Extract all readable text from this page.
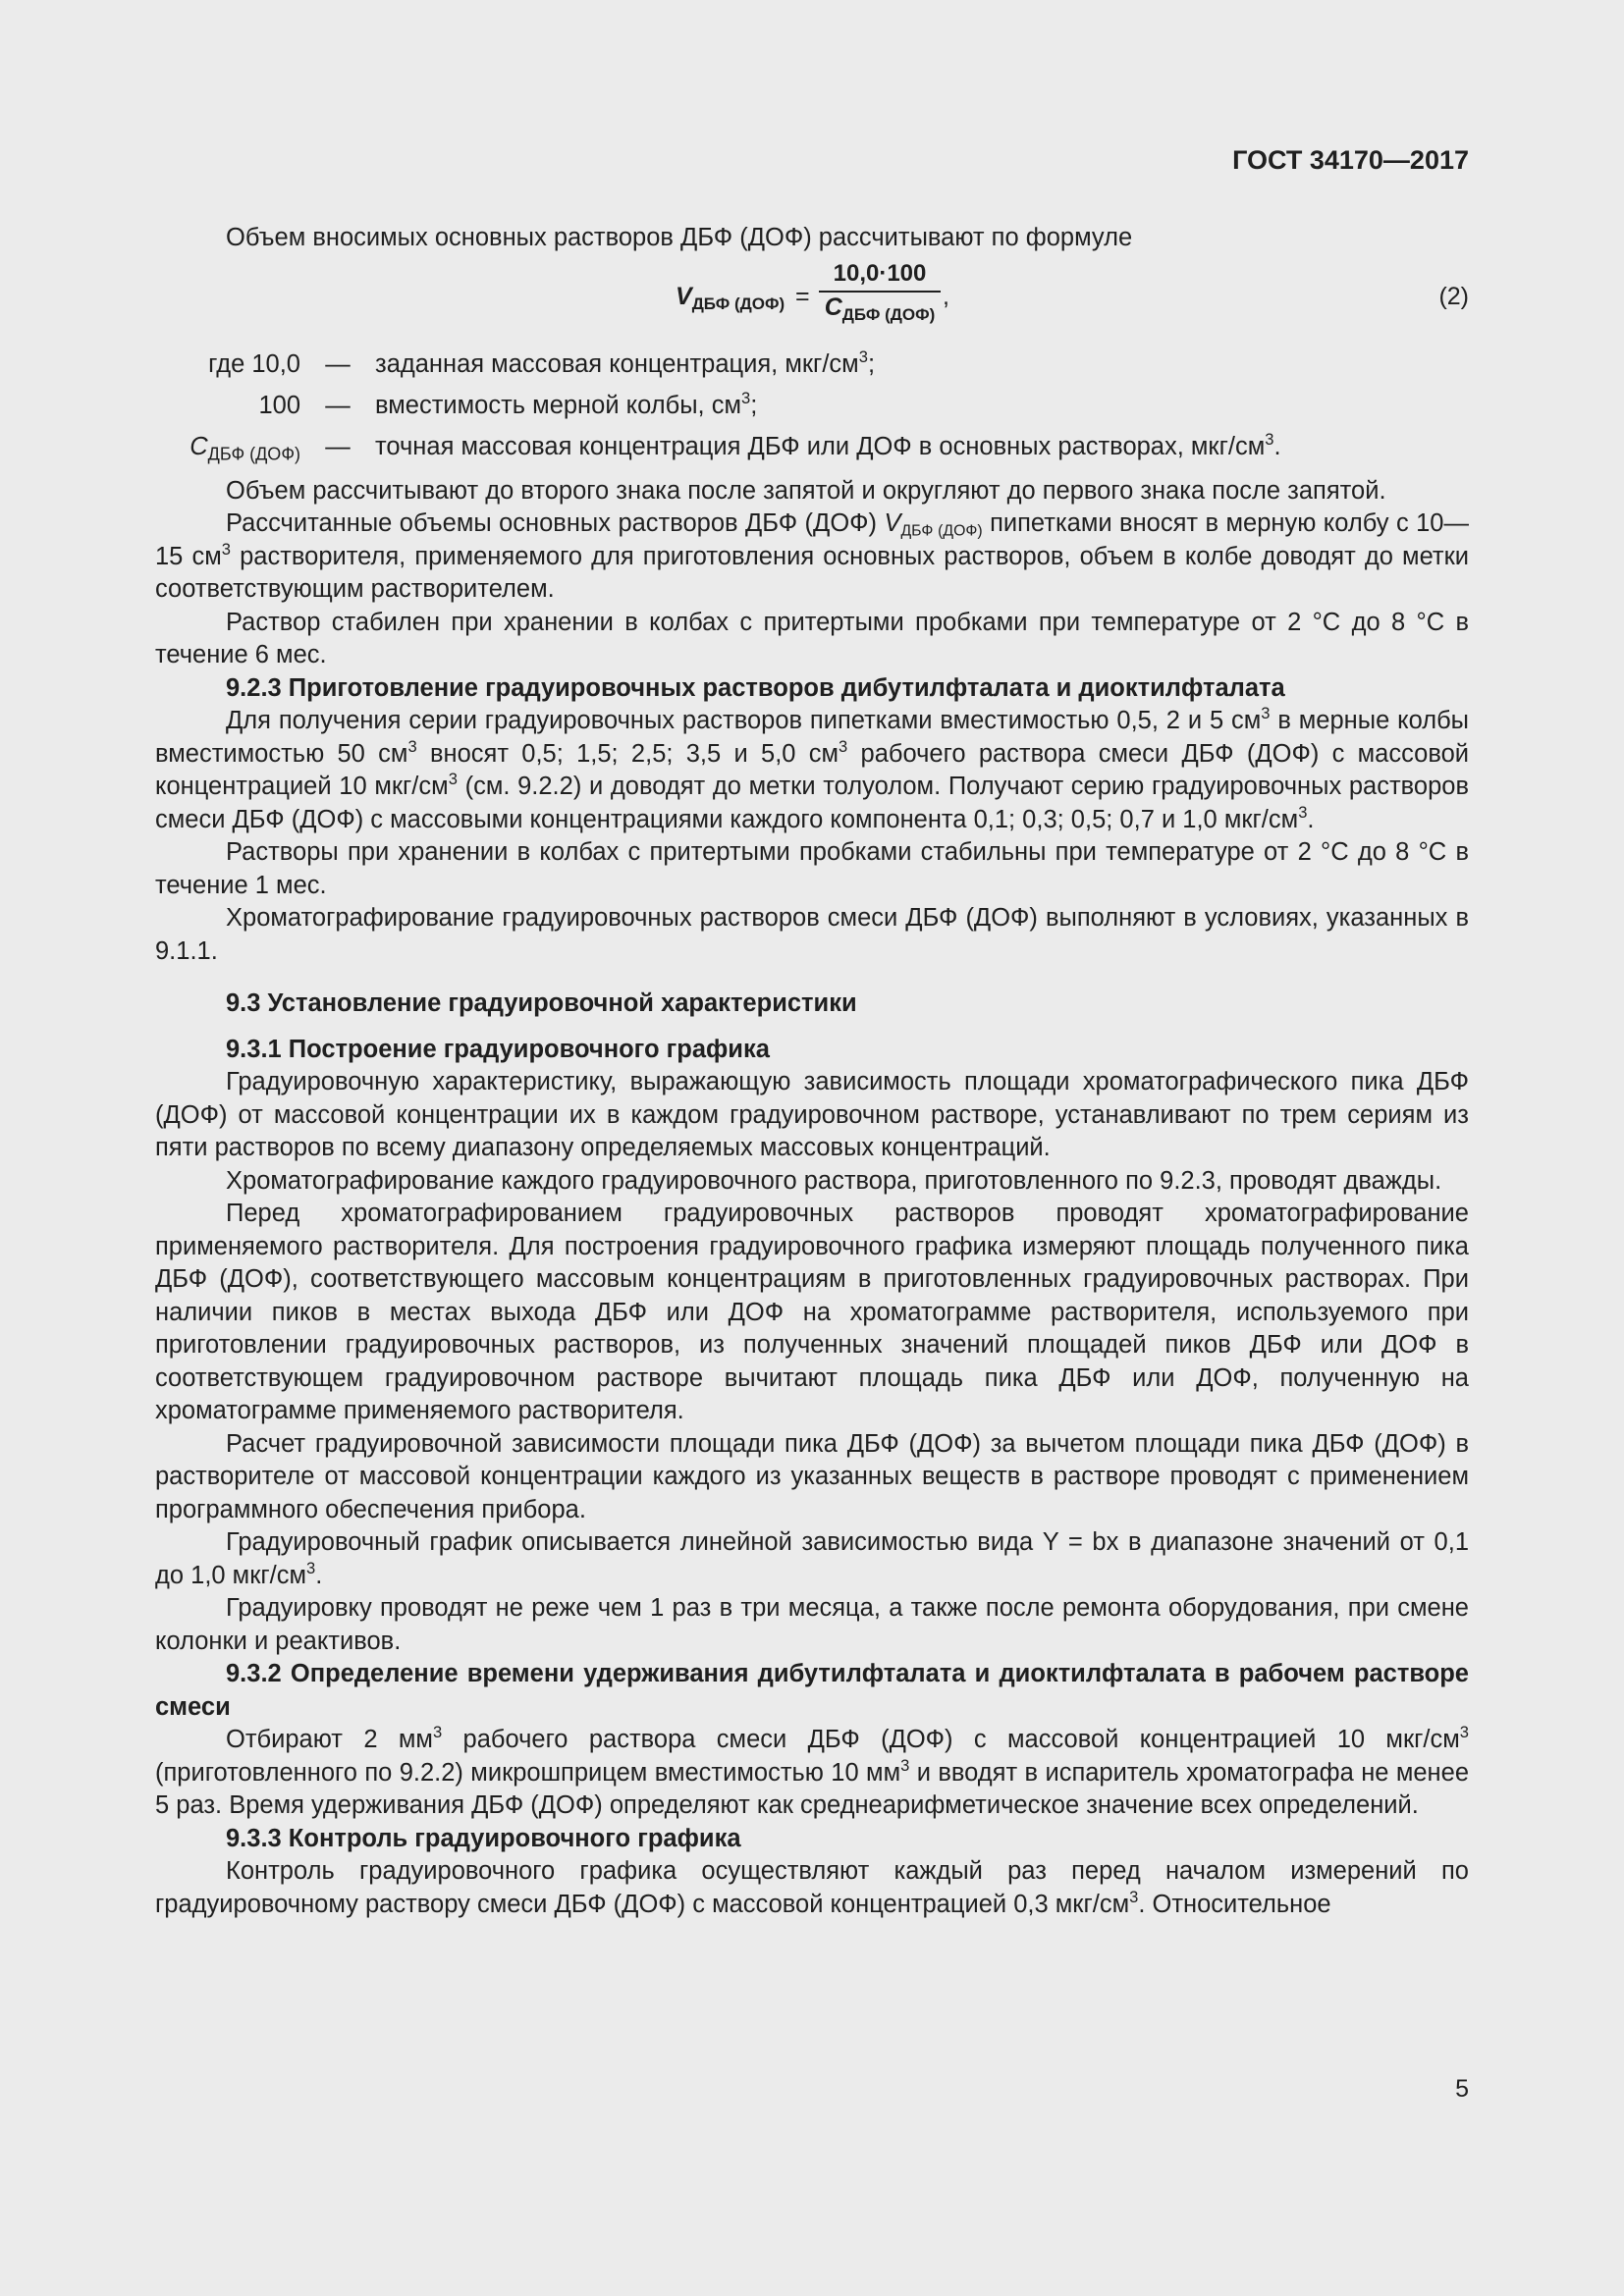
ГОСТ 34170—2017

Объем вносимых основных растворов ДБФ (ДОФ) рассчитывают по формуле

$V_{ДБФ (ДОФ)}$ =
10,0·100
$C_{ДБФ (ДОФ)}$
,	(2)
где 10,0 — заданная массовая концентрация, мкг/$см^3$;
100 — вместимость мерной колбы, $см^3$;
$C_{ДБФ (ДОФ)}$ — точная массовая концентрация ДБФ или ДОФ в основных растворах, мкг/$см^3$.

Объем рассчитывают до второго знака после запятой и округляют до первого знака после запятой.

Рассчитанные объемы основных растворов ДБФ (ДОФ) $V_{ДБФ (ДОФ)}$ пипетками вносят в мерную колбу с 10—15 $см^3$ растворителя, применяемого для приготовления основных растворов, объем в колбе доводят до метки соответствующим растворителем.

Раствор стабилен при хранении в колбах с притертыми пробками при температуре от 2 °С до 8 °С в течение 6 мес.

9.2.3 Приготовление градуировочных растворов дибутилфталата и диоктилфталата

Для получения серии градуировочных растворов пипетками вместимостью 0,5, 2 и 5 $см^3$ в мерные колбы вместимостью 50 $см^3$ вносят 0,5; 1,5; 2,5; 3,5 и 5,0 $см^3$ рабочего раствора смеси ДБФ (ДОФ) с массовой концентрацией 10 мкг/$см^3$ (см. 9.2.2) и доводят до метки толуолом. Получают серию градуировочных растворов смеси ДБФ (ДОФ) с массовыми концентрациями каждого компонента 0,1; 0,3; 0,5; 0,7 и 1,0 мкг/$см^3$.

Растворы при хранении в колбах с притертыми пробками стабильны при температуре от 2 °С до 8 °С в течение 1 мес.

Хроматографирование градуировочных растворов смеси ДБФ (ДОФ) выполняют в условиях, указанных в 9.1.1.

9.3 Установление градуировочной характеристики

9.3.1 Построение градуировочного графика

Градуировочную характеристику, выражающую зависимость площади хроматографического пика ДБФ (ДОФ) от массовой концентрации их в каждом градуировочном растворе, устанавливают по трем сериям из пяти растворов по всему диапазону определяемых массовых концентраций.

Хроматографирование каждого градуировочного раствора, приготовленного по 9.2.3, проводят дважды.

Перед хроматографированием градуировочных растворов проводят хроматографирование применяемого растворителя. Для построения градуировочного графика измеряют площадь полученного пика ДБФ (ДОФ), соответствующего массовым концентрациям в приготовленных градуировочных растворах. При наличии пиков в местах выхода ДБФ или ДОФ на хроматограмме растворителя, используемого при приготовлении градуировочных растворов, из полученных значений площадей пиков ДБФ или ДОФ в соответствующем градуировочном растворе вычитают площадь пика ДБФ или ДОФ, полученную на хроматограмме применяемого растворителя.

Расчет градуировочной зависимости площади пика ДБФ (ДОФ) за вычетом площади пика ДБФ (ДОФ) в растворителе от массовой концентрации каждого из указанных веществ в растворе проводят с применением программного обеспечения прибора.

Градуировочный график описывается линейной зависимостью вида Y = bx в диапазоне значений от 0,1 до 1,0 мкг/$см^3$.

Градуировку проводят не реже чем 1 раз в три месяца, а также после ремонта оборудования, при смене колонки и реактивов.

9.3.2 Определение времени удерживания дибутилфталата и диоктилфталата в рабочем растворе смеси

Отбирают 2 $мм^3$ рабочего раствора смеси ДБФ (ДОФ) с массовой концентрацией 10 мкг/$см^3$ (приготовленного по 9.2.2) микрошприцем вместимостью 10 $мм^3$ и вводят в испаритель хроматографа не менее 5 раз. Время удерживания ДБФ (ДОФ) определяют как среднеарифметическое значение всех определений.

9.3.3 Контроль градуировочного графика

Контроль градуировочного графика осуществляют каждый раз перед началом измерений по градуировочному раствору смеси ДБФ (ДОФ) с массовой концентрацией 0,3 мкг/$см^3$. Относительное

5
